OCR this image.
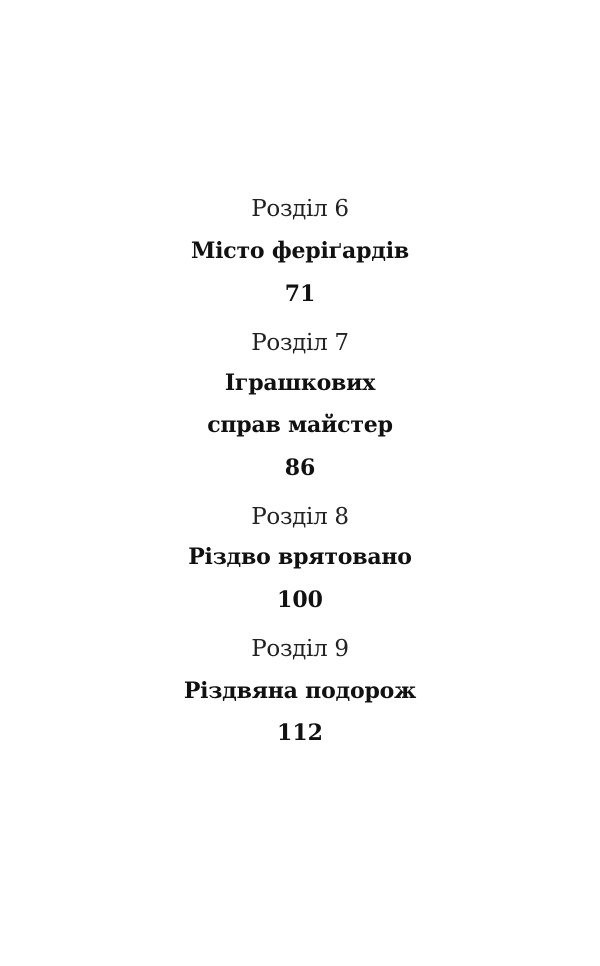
Розділ 6
Місто феріґардів
71
Розділ 7
Іграшкових
справ майстер
86
Розділ 8
Різдво врятовано
100
Розділ 9
Різдвяна подорож
112
